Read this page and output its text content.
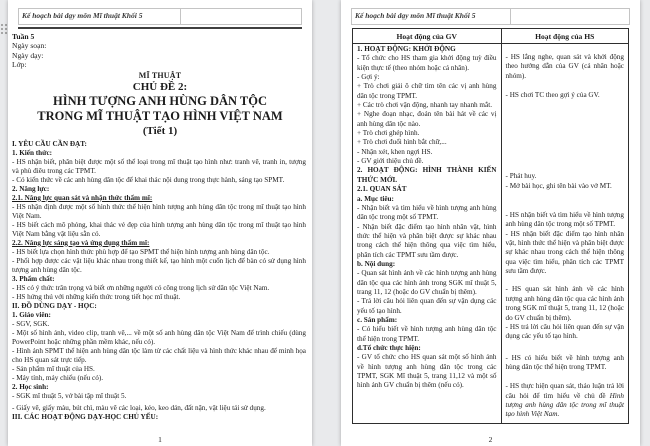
Kế hoạch bài dạy môn Mĩ thuật Khối 5

Tuần 5

Ngày soạn:

Ngày dạy:

Lớp:

MĨ THUẬT

CHỦ ĐỀ 2:

HÌNH TƯỢNG ANH HÙNG DÂN TỘC

TRONG MĨ THUẬT TẠO HÌNH VIỆT NAM

(Tiết 1)

I. YÊU CẦU CẦN ĐẠT:

1. Kiến thức:

- HS nhận biết, phân biệt được một số thể loại trong mĩ thuật tạo hình như: tranh vẽ, tranh in, tượng và phù điêu trong các TPMT.

- Có kiến thức về các anh hùng dân tộc để khai thác nội dung trong thực hành, sáng tạo SPMT.

2. Năng lực:

2.1. Năng lực quan sát và nhận thức thẩm mĩ:

- HS nhận định được một số hình thức thể hiện hình tượng anh hùng dân tộc trong mĩ thuật tạo hình Việt Nam.

- HS biết cách mô phỏng, khai thác vẻ đẹp của hình tượng anh hùng dân tộc trong mĩ thuật tạo hình Việt Nam bằng vật liệu sẵn có.

2.2. Năng lực sáng tạo và ứng dụng thẩm mĩ:

- HS biết lựa chọn hình thức phù hợp để tạo SPMT thể hiện hình tượng anh hùng dân tộc.

- Phối hợp được các vật liệu khác nhau trong thiết kế, tạo hình một cuốn lịch để bàn có sử dụng hình tượng anh hùng dân tộc.

3. Phẩm chất:

- HS có ý thức trân trọng và biết ơn những người có công trong lịch sử dân tộc Việt Nam.

- HS hứng thú với những kiến thức trong tiết học mĩ thuật.

II. ĐỒ DÙNG DẠY - HỌC:

1. Giáo viên:

- SGV, SGK.

- Một số hình ảnh, video clip, tranh vẽ,... về một số anh hùng dân tộc Việt Nam để trình chiếu (dùng PowerPoint hoặc những phần mềm khác, nếu có).

- Hình ảnh SPMT thể hiện anh hùng dân tộc làm từ các chất liệu và hình thức khác nhau để minh họa cho HS quan sát trực tiếp.

- Sản phẩm mĩ thuật của HS.

- Máy tính, máy chiếu (nếu có).

2. Học sinh:

- SGK mĩ thuật 5, vở bài tập mĩ thuật 5.

- Giấy vẽ, giấy màu, bút chì, màu vẽ các loại, kéo, keo dán, đất nặn, vật liệu tái sử dụng.

III. CÁC HOẠT ĐỘNG DẠY-HỌC CHỦ YẾU:

1
Kế hoạch bài dạy môn Mĩ thuật Khối 5
Hoạt động của GV	Hoạt động của HS

1. HOẠT ĐỘNG: KHỞI ĐỘNG

- Tổ chức cho HS tham gia khởi động tuỳ điều kiện thực tế (theo nhóm hoặc cá nhân).

- Gợi ý:

+ Trò chơi giải ô chữ tìm tên các vị anh hùng dân tộc trong TPMT.

+ Các trò chơi vận động, nhanh tay nhanh mắt.

+ Nghe đoạn nhạc, đoán tên bài hát về các vị anh hùng dân tộc nào.

+ Trò chơi ghép hình.

+ Trò chơi đuổi hình bắt chữ,...

- Nhận xét, khen ngợi HS.

- GV giới thiệu chủ đề.

2. HOẠT ĐỘNG: HÌNH THÀNH KIẾN THỨC MỚI.

2.1. QUAN SÁT

a. Mục tiêu:

- Nhận biết và tìm hiểu về hình tượng anh hùng dân tộc trong một số TPMT.

- Nhận biết đặc điểm tạo hình nhân vật, hình thức thể hiện và phân biệt được sự khác nhau trong cách thể hiện thông qua việc tìm hiểu, phân tích các TPMT sưu tầm được.

b. Nội dung:

- Quan sát hình ảnh về các hình tượng anh hùng dân tộc qua các hình ảnh trong SGK mĩ thuật 5, trang 11, 12 (hoặc do GV chuẩn bị thêm).

- Trả lời câu hỏi liên quan đến sự vận dụng các yếu tố tạo hình.

c. Sản phẩm:

- Có hiểu biết về hình tượng anh hùng dân tộc thể hiện trong TPMT.

d.Tổ chức thực hiện:

- GV tổ chức cho HS quan sát một số hình ảnh về hình tượng anh hùng dân tộc trong các TPMT, SGK Mĩ thuật 5, trang 11,12 và một số hình ảnh GV chuẩn bị thêm (nếu có).

- HS lắng nghe, quan sát và khởi động theo hướng dẫn của GV (cá nhân hoặc nhóm).

- HS chơi TC theo gợi ý của GV.

- Phát huy.

- Mở bài học, ghi tên bài vào vở MT.

- HS nhận biết và tìm hiểu về hình tượng anh hùng dân tộc trong một số TPMT.

- HS nhận biết đặc điểm tạo hình nhân vật, hình thức thể hiện và phân biệt được sự khác nhau trong cách thể hiện thông qua việc tìm hiểu, phân tích các TPMT sưu tầm được.

- HS quan sát hình ảnh về các hình tượng anh hùng dân tộc qua các hình ảnh trong SGK mĩ thuật 5, trang 11, 12 (hoặc do GV chuẩn bị thêm).

- HS trả lời câu hỏi liên quan đến sự vận dụng các yếu tố tạo hình.

- HS có hiểu biết về hình tượng anh hùng dân tộc thể hiện trong TPMT.

- HS thực hiện quan sát, thảo luận trả lời câu hỏi để tìm hiểu về chủ đề Hình tượng anh hùng dân tộc trong mĩ thuật tạo hình Việt Nam.

2
